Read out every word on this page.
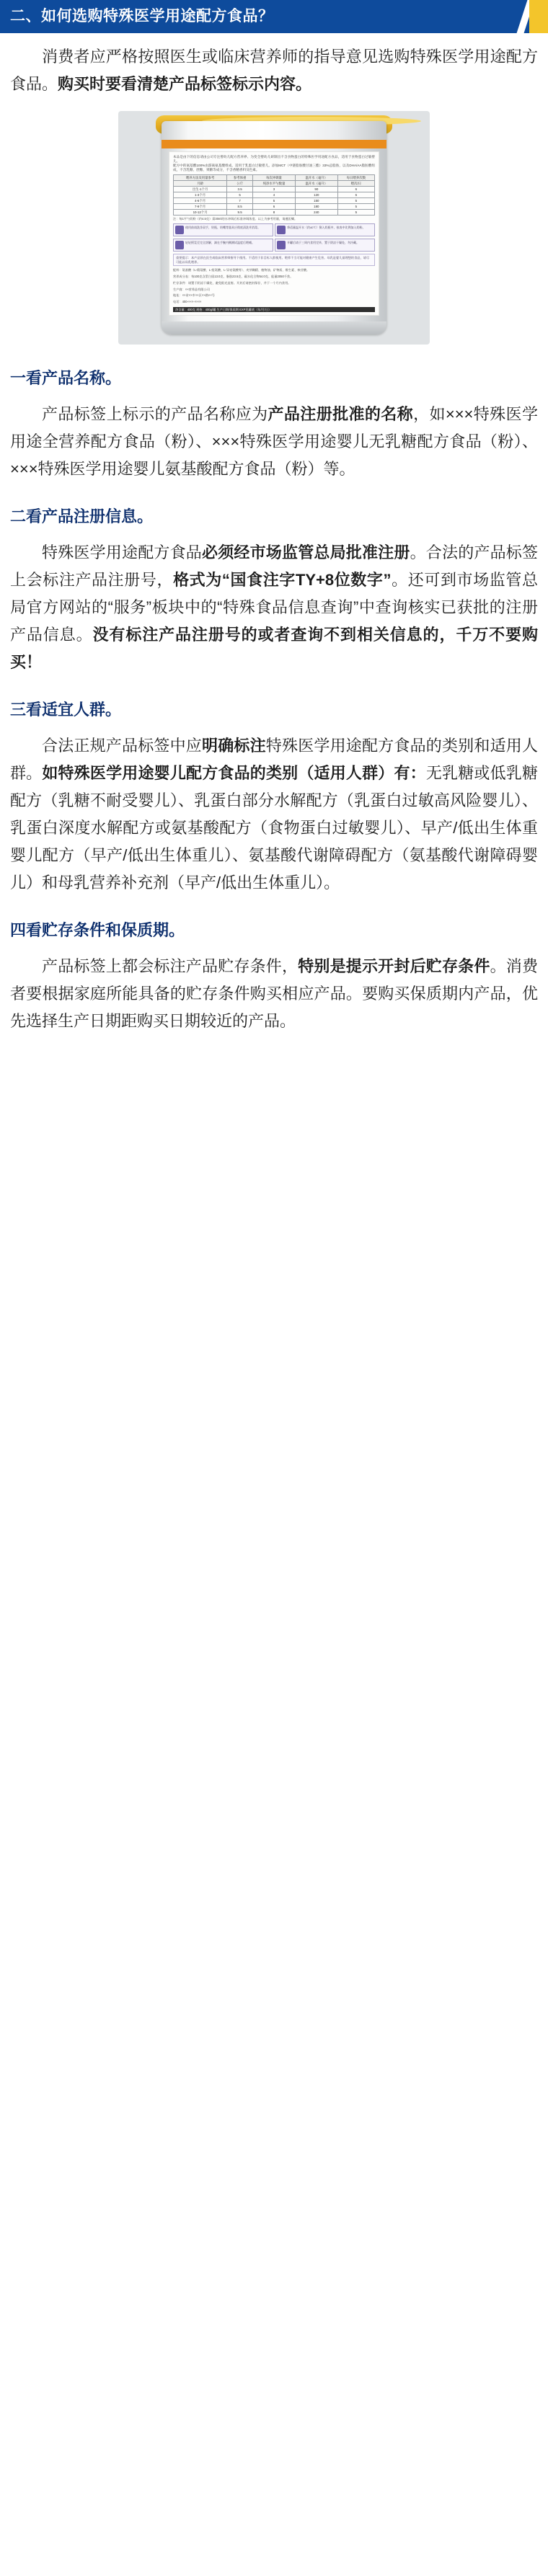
二、如何选购特殊医学用途配方食品？

消费者应严格按照医生或临床营养师的指导意见选购特殊医学用途配方食品。购买时要看清楚产品标签标示内容。

本品是由下的信息请由公司专注婴幼儿配方营养界、为变全婴幼儿研制出不含食物蛋白的特殊医学用途配方食品，适用于食物蛋白过敏婴儿。
配方中的氨基酸100%由游离氨基酸组成，适用于乳蛋白过敏婴儿。添加MCT（中链脂肪酸甘油三酯）33%总脂肪，以及DHA/AA脂肪酸组成，不含乳糖、蔗糖、果糖等成分，不含香精香料及色素。
喂养方法及用量参考	参考体重	每次冲调量	温开水（毫升）	每日喂养次数
月龄	公斤	纯净水平勺数量	温开水（毫升）	喂次/日
出生-1个月	3.5	3	90	6
1-3个月	5	4	120	6
4-6个月	7	5	150	5
7-9个月	8.5	6	180	5
10-12个月	9.5	8	240	5
注：每1平勺奶粉（约4.5克）需30ml的水冲调后标准冲调浓度。以上为参考用量，请遵医嘱。
使用前请洗净双手，奶瓶、奶嘴等器具应彻底清洗并消毒。	将适量温开水（约40℃）倒入奶瓶中，按表中比例加入奶粉。
轻轻摇晃至完全溶解，滴在手腕内侧测试温度后喂哺。	开罐后请于三周内食用完毕，置于阴凉干燥处，勿冷藏。
重要提示：本产品须在医生或临床营养师指导下使用。不适用于非目标人群使用。喂养不当可能对健康产生危害。母乳是婴儿最理想的食品，请尽可能以母乳喂养。
配料：氨基酸（L-精氨酸、L-组氨酸、L-异亮氨酸等）、麦芽糊精、植物油、矿物质、维生素、核苷酸。
营养成分表：每100克含蛋白质13.0克、脂肪23.5克、碳水化合物54.0克、能量2050千焦。
贮存条件：请置于阴凉干燥处，避免阳光直射。开封后请密封保存，并于一个月内食用。
生产商：××营养品有限公司
地址：××省××市××区××路××号
电话：400-×××-××××
净含量：400克 规格：400g/罐 生产日期/保质期 EXP见罐底（年/月/日）
一看产品名称。

产品标签上标示的产品名称应为产品注册批准的名称，如×××特殊医学用途全营养配方食品（粉）、×××特殊医学用途婴儿无乳糖配方食品（粉）、×××特殊医学用途婴儿氨基酸配方食品（粉）等。

二看产品注册信息。

特殊医学用途配方食品必须经市场监管总局批准注册。合法的产品标签上会标注产品注册号，格式为“国食注字TY+8位数字”。还可到市场监管总局官方网站的“服务”板块中的“特殊食品信息查询”中查询核实已获批的注册产品信息。没有标注产品注册号的或者查询不到相关信息的，千万不要购买！

三看适宜人群。

合法正规产品标签中应明确标注特殊医学用途配方食品的类别和适用人群。如特殊医学用途婴儿配方食品的类别（适用人群）有：无乳糖或低乳糖配方（乳糖不耐受婴儿）、乳蛋白部分水解配方（乳蛋白过敏高风险婴儿）、乳蛋白深度水解配方或氨基酸配方（食物蛋白过敏婴儿）、早产/低出生体重婴儿配方（早产/低出生体重儿）、氨基酸代谢障碍配方（氨基酸代谢障碍婴儿）和母乳营养补充剂（早产/低出生体重儿）。

四看贮存条件和保质期。

产品标签上都会标注产品贮存条件，特别是提示开封后贮存条件。消费者要根据家庭所能具备的贮存条件购买相应产品。要购买保质期内产品，优先选择生产日期距购买日期较近的产品。
